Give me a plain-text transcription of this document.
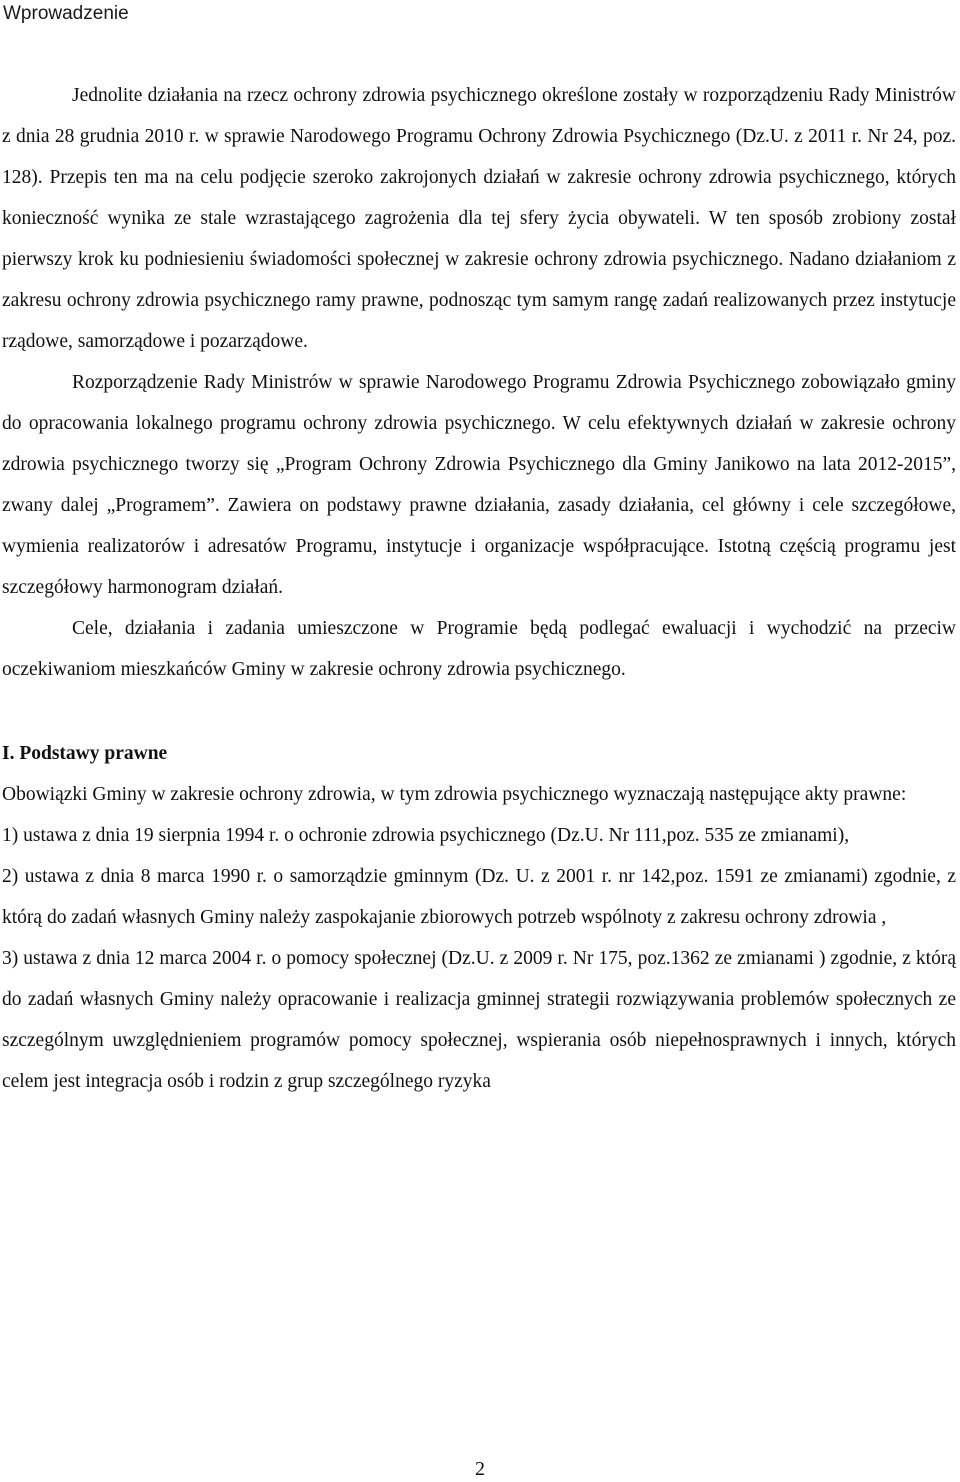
Wprowadzenie

Jednolite działania na rzecz ochrony zdrowia psychicznego określone zostały w rozporządzeniu Rady Ministrów z dnia 28 grudnia 2010 r. w sprawie Narodowego Programu Ochrony Zdrowia Psychicznego (Dz.U. z 2011 r. Nr 24, poz. 128). Przepis ten ma na celu podjęcie szeroko zakrojonych działań w zakresie ochrony zdrowia psychicznego, których konieczność wynika ze stale wzrastającego zagrożenia dla tej sfery życia obywateli. W ten sposób zrobiony został pierwszy krok ku podniesieniu świadomości społecznej w zakresie ochrony zdrowia psychicznego. Nadano działaniom z zakresu ochrony zdrowia psychicznego ramy prawne, podnosząc tym samym rangę zadań realizowanych przez instytucje rządowe, samorządowe i pozarządowe.

Rozporządzenie Rady Ministrów w sprawie Narodowego Programu Zdrowia Psychicznego zobowiązało gminy do opracowania lokalnego programu ochrony zdrowia psychicznego. W celu efektywnych działań w zakresie ochrony zdrowia psychicznego tworzy się „Program Ochrony Zdrowia Psychicznego dla Gminy Janikowo na lata 2012-2015”, zwany dalej „Programem”. Zawiera on podstawy prawne działania, zasady działania, cel główny i cele szczegółowe, wymienia realizatorów i adresatów Programu, instytucje i organizacje współpracujące. Istotną częścią programu jest szczegółowy harmonogram działań.

Cele, działania i zadania umieszczone w Programie będą podlegać ewaluacji i wychodzić na przeciw oczekiwaniom mieszkańców Gminy w zakresie ochrony zdrowia psychicznego.

I. Podstawy prawne

Obowiązki Gminy w zakresie ochrony zdrowia, w tym zdrowia psychicznego wyznaczają następujące akty prawne:

1) ustawa z dnia 19 sierpnia 1994 r. o ochronie zdrowia psychicznego (Dz.U. Nr 111,poz. 535 ze zmianami),

2) ustawa z dnia 8 marca 1990 r. o samorządzie gminnym (Dz. U. z 2001 r. nr 142,poz. 1591 ze zmianami) zgodnie, z którą do zadań własnych Gminy należy zaspokajanie zbiorowych potrzeb wspólnoty z zakresu ochrony zdrowia ,

3) ustawa z dnia 12 marca 2004 r. o pomocy społecznej (Dz.U. z 2009 r. Nr 175, poz.1362 ze zmianami ) zgodnie, z którą do zadań własnych Gminy należy opracowanie i realizacja gminnej strategii rozwiązywania problemów społecznych ze szczególnym uwzględnieniem programów pomocy społecznej, wspierania osób niepełnosprawnych i innych, których celem jest integracja osób i rodzin z grup szczególnego ryzyka

2
